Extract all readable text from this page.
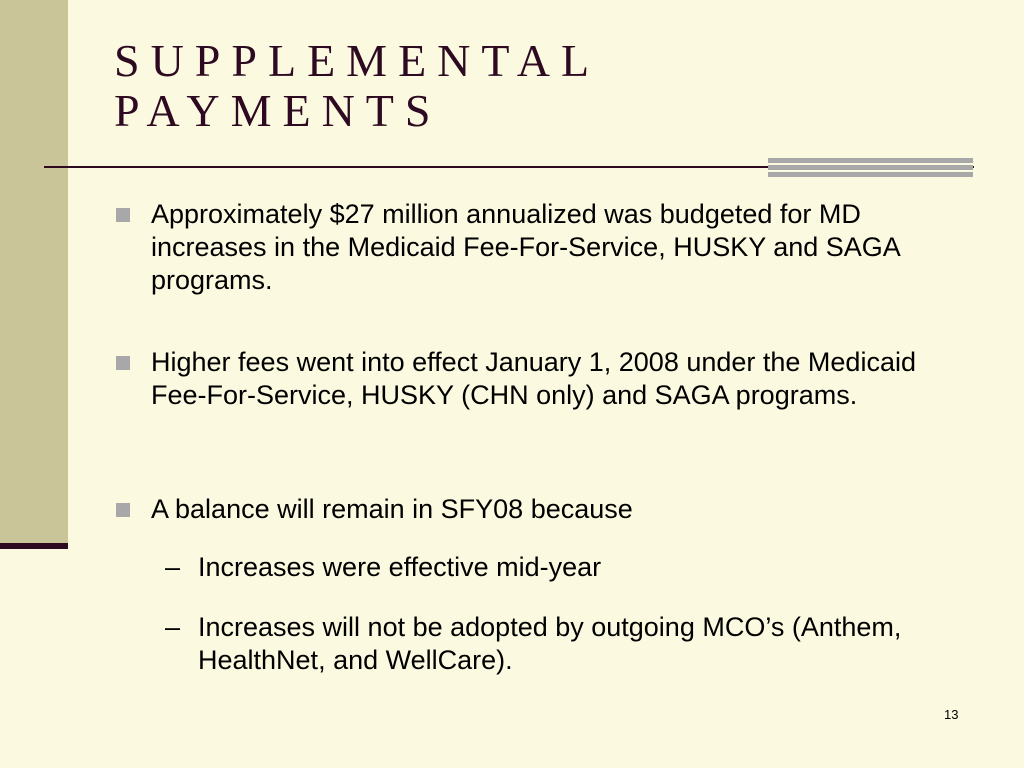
SUPPLEMENTAL
PAYMENTS
Approximately $27 million annualized was budgeted for MD increases in the Medicaid Fee-For-Service, HUSKY and SAGA programs.
Higher fees went into effect January 1, 2008 under the Medicaid Fee-For-Service, HUSKY (CHN only) and SAGA programs.
A balance will remain in SFY08 because
– Increases were effective mid-year
– Increases will not be adopted by outgoing MCO’s (Anthem, HealthNet, and WellCare).
13
